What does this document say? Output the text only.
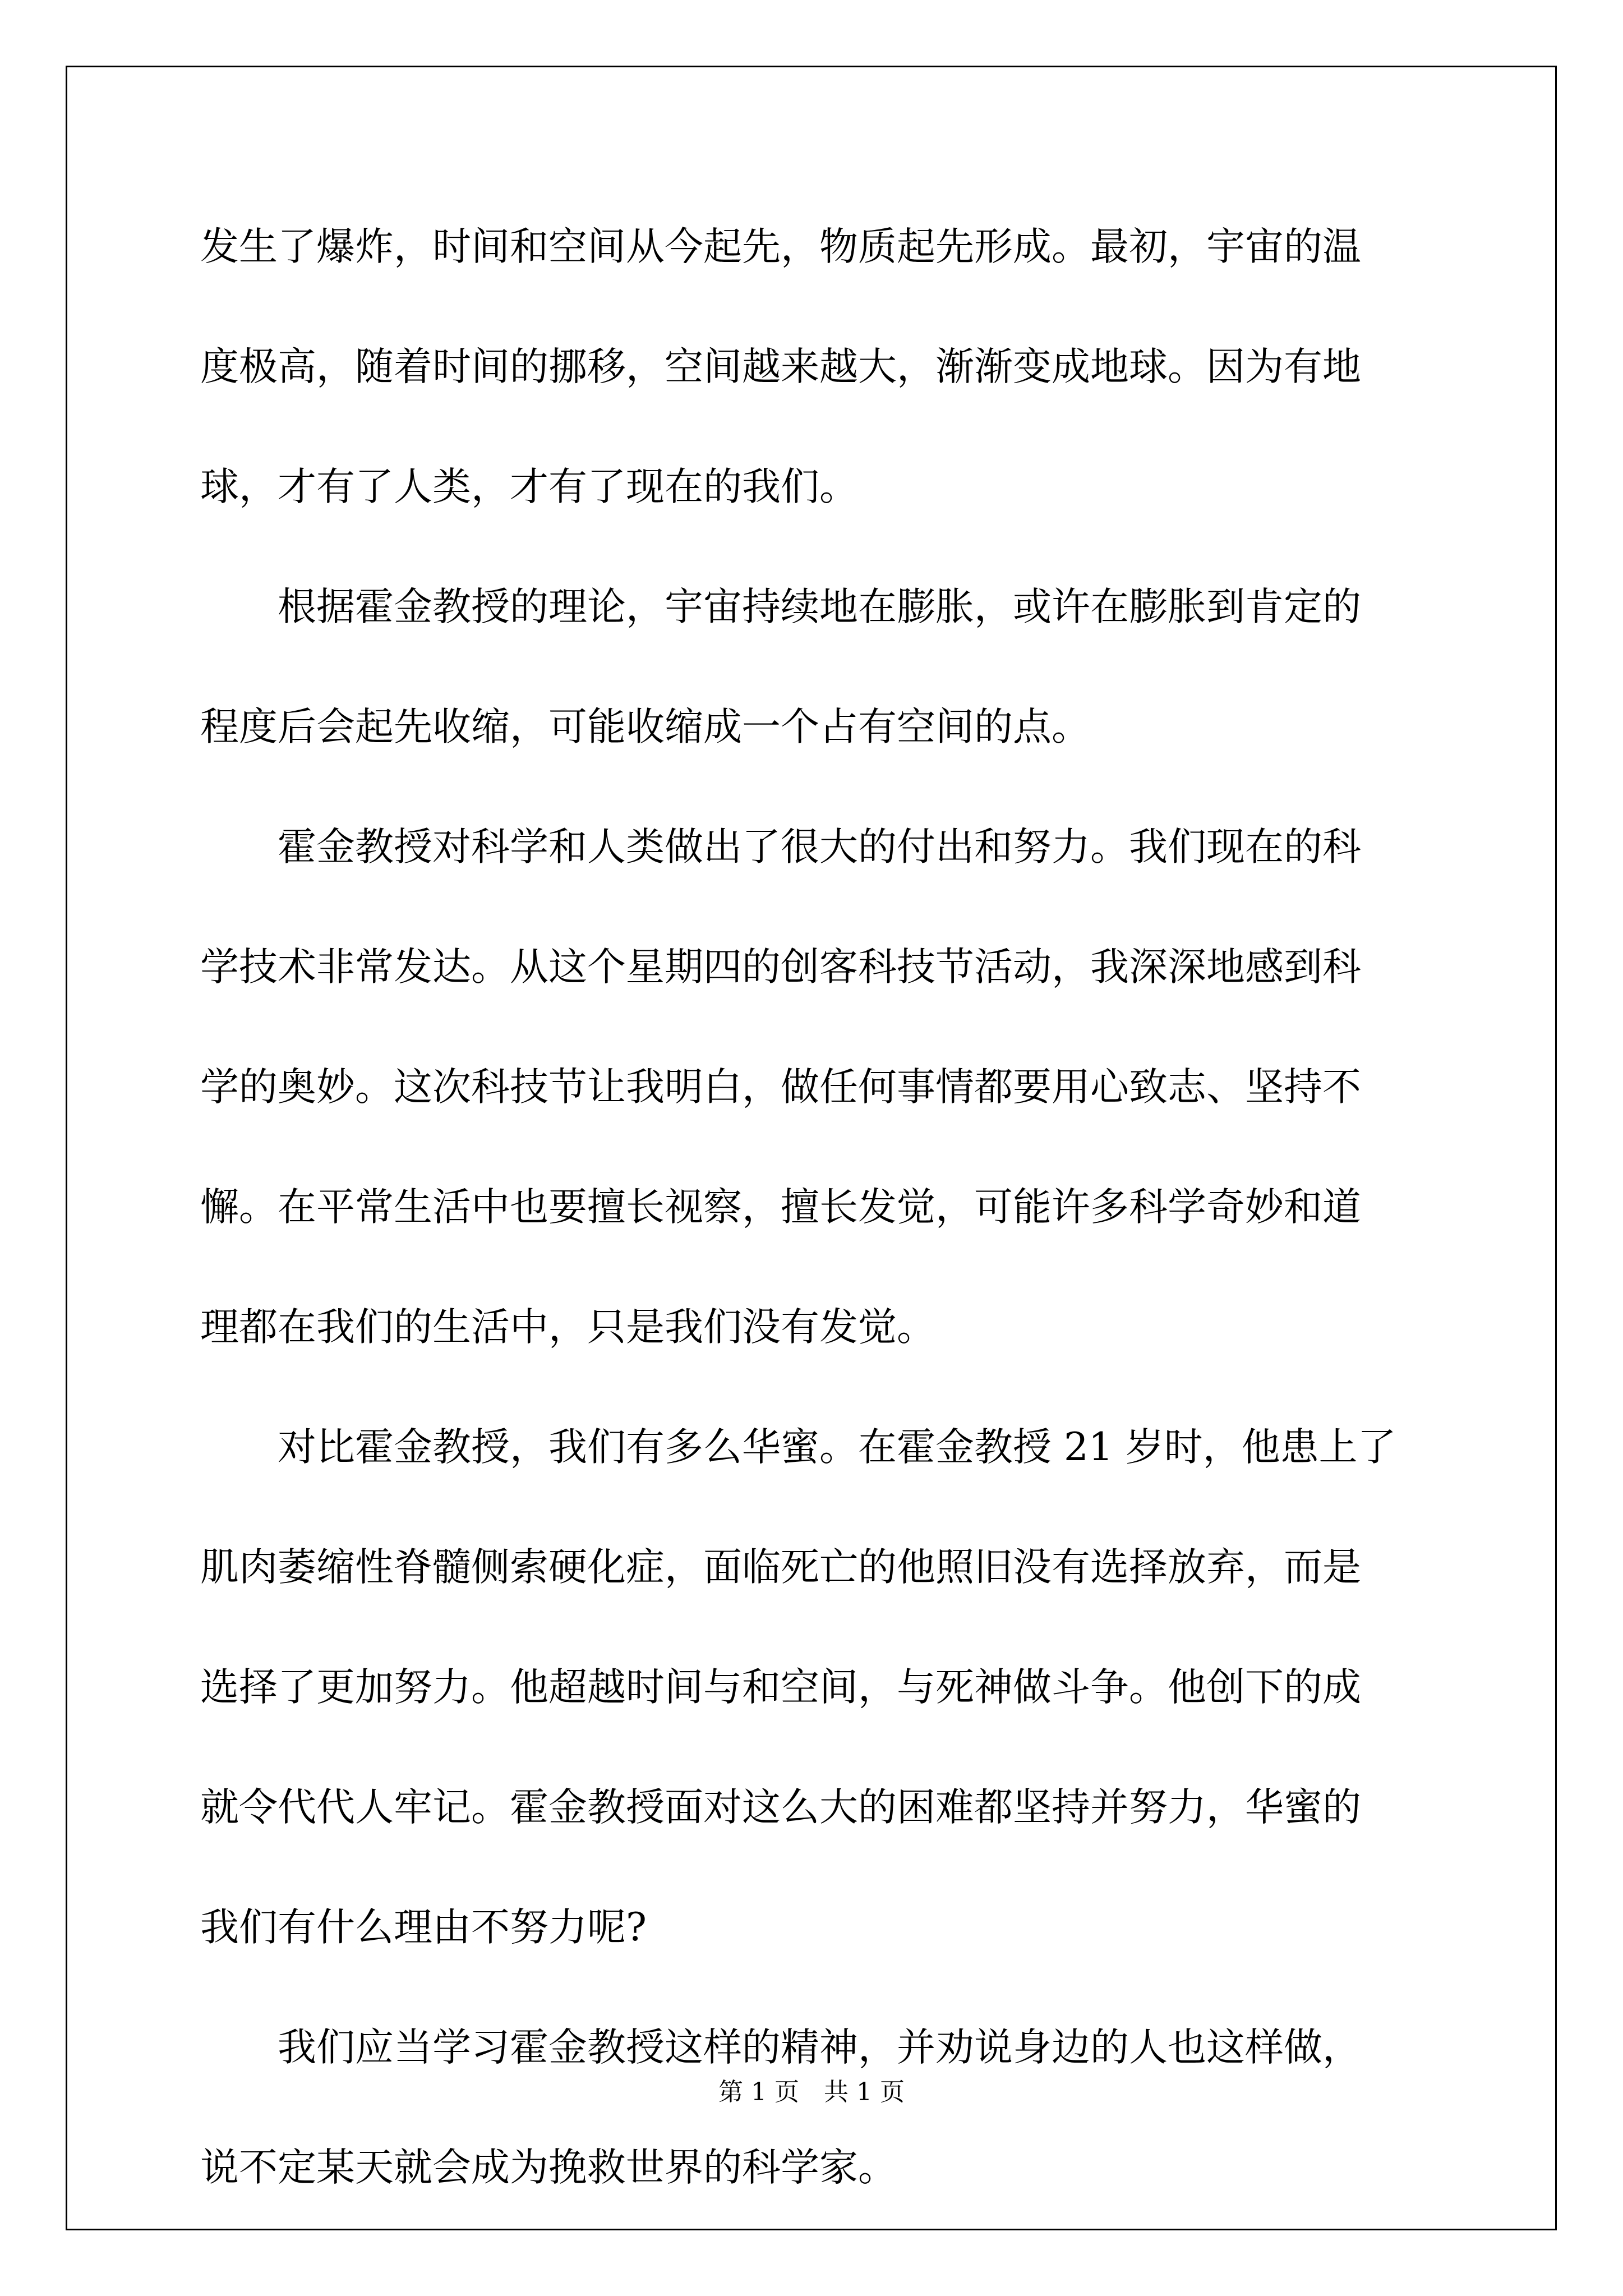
发生了爆炸，时间和空间从今起先，物质起先形成。最初，宇宙的温
度极高，随着时间的挪移，空间越来越大，渐渐变成地球。因为有地
球，才有了人类，才有了现在的我们。
根据霍金教授的理论，宇宙持续地在膨胀，或许在膨胀到肯定的
程度后会起先收缩，可能收缩成一个占有空间的点。
霍金教授对科学和人类做出了很大的付出和努力。我们现在的科
学技术非常发达。从这个星期四的创客科技节活动，我深深地感到科
学的奥妙。这次科技节让我明白，做任何事情都要用心致志、坚持不
懈。在平常生活中也要擅长视察，擅长发觉，可能许多科学奇妙和道
理都在我们的生活中，只是我们没有发觉。
对比霍金教授，我们有多么华蜜。在霍金教授 21 岁时，他患上了
肌肉萎缩性脊髓侧索硬化症，面临死亡的他照旧没有选择放弃，而是
选择了更加努力。他超越时间与和空间，与死神做斗争。他创下的成
就令代代人牢记。霍金教授面对这么大的困难都坚持并努力，华蜜的
我们有什么理由不努力呢?
我们应当学习霍金教授这样的精神，并劝说身边的人也这样做，
说不定某天就会成为挽救世界的科学家。
第 1 页　共 1 页
